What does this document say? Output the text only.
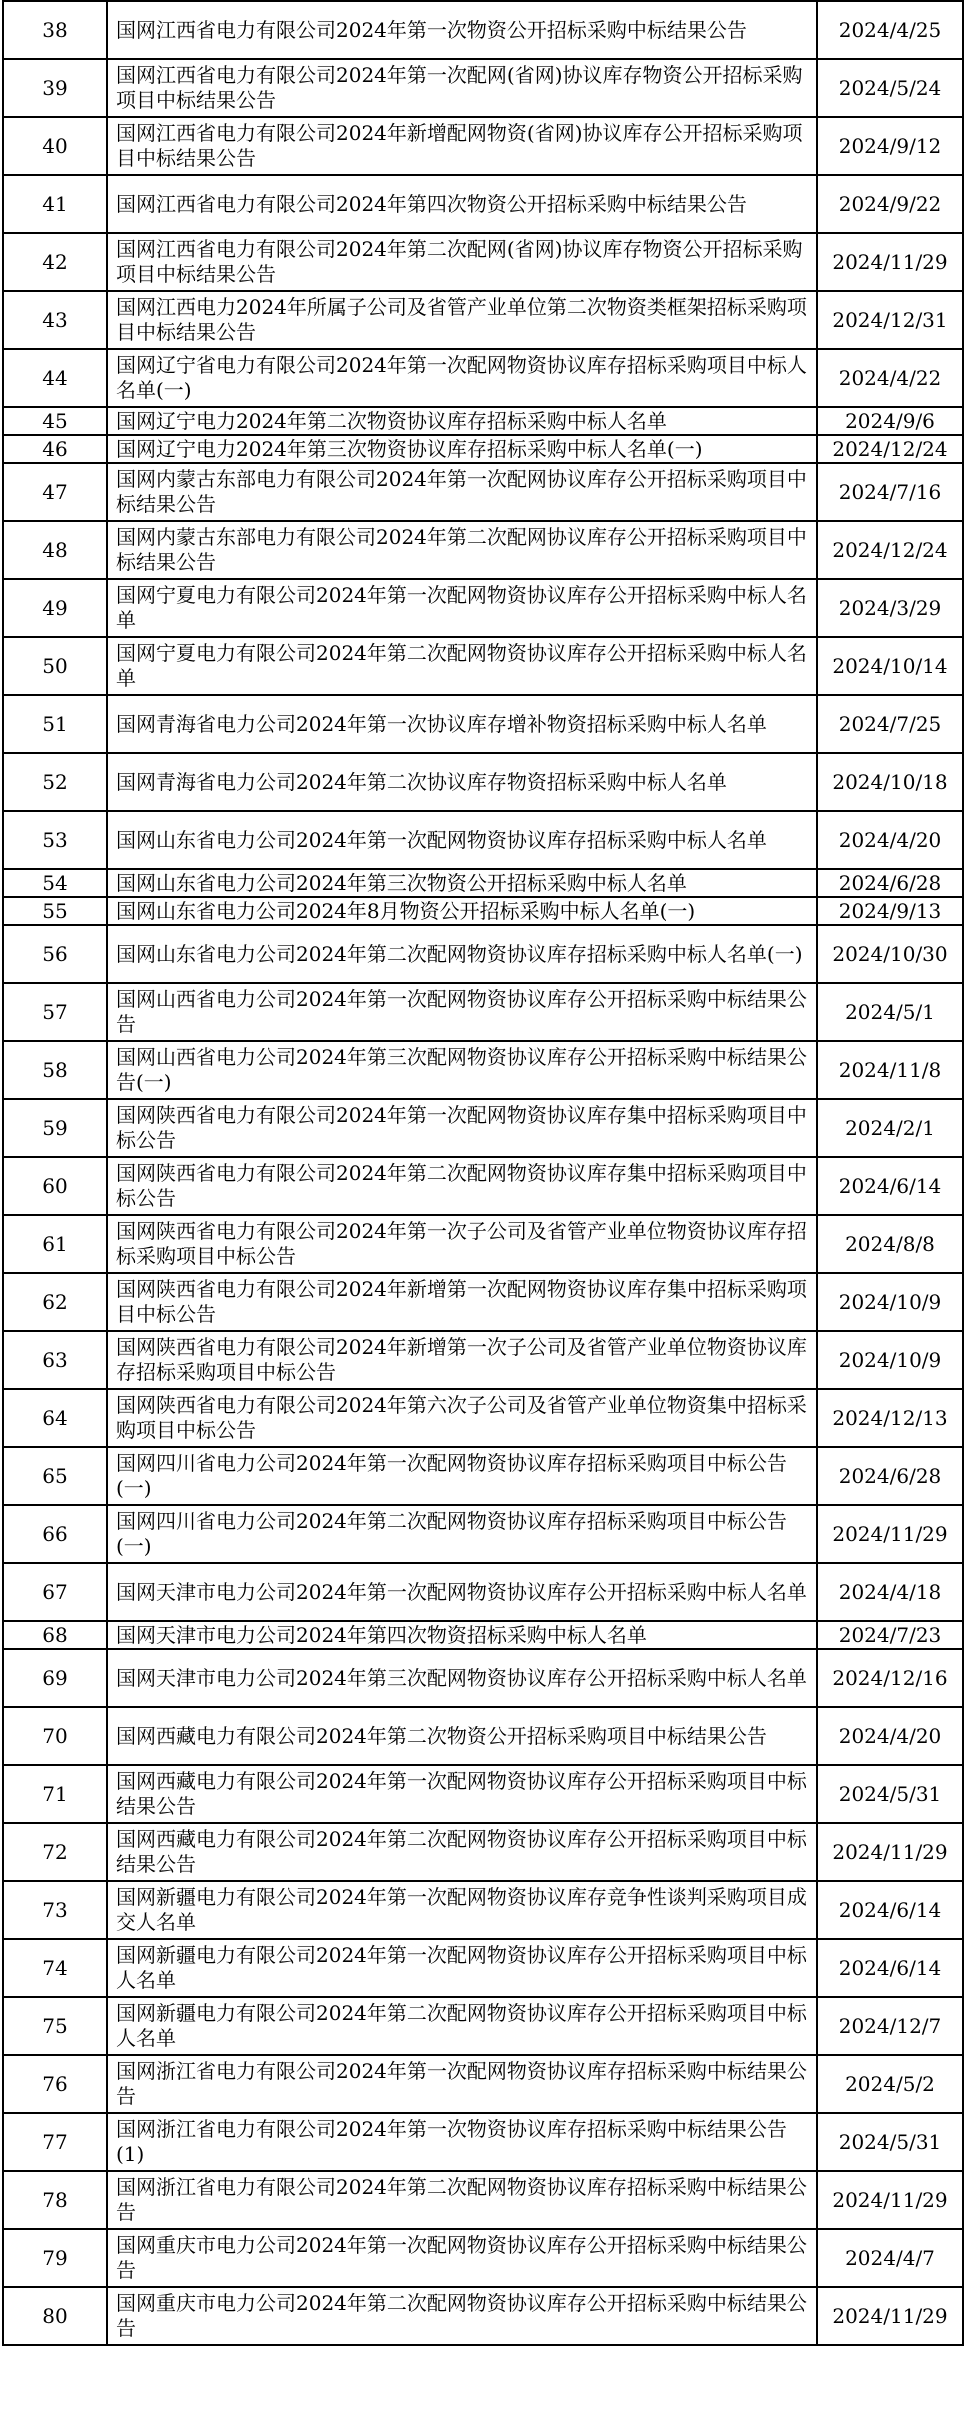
38	国网江西省电力有限公司2024年第一次物资公开招标采购中标结果公告	2024/4/25
39	国网江西省电力有限公司2024年第一次配网(省网)协议库存物资公开招标采购项目中标结果公告	2024/5/24
40	国网江西省电力有限公司2024年新增配网物资(省网)协议库存公开招标采购项目中标结果公告	2024/9/12
41	国网江西省电力有限公司2024年第四次物资公开招标采购中标结果公告	2024/9/22
42	国网江西省电力有限公司2024年第二次配网(省网)协议库存物资公开招标采购项目中标结果公告	2024/11/29
43	国网江西电力2024年所属子公司及省管产业单位第二次物资类框架招标采购项目中标结果公告	2024/12/31
44	国网辽宁省电力有限公司2024年第一次配网物资协议库存招标采购项目中标人名单(一)	2024/4/22
45	国网辽宁电力2024年第二次物资协议库存招标采购中标人名单	2024/9/6
46	国网辽宁电力2024年第三次物资协议库存招标采购中标人名单(一)	2024/12/24
47	国网内蒙古东部电力有限公司2024年第一次配网协议库存公开招标采购项目中标结果公告	2024/7/16
48	国网内蒙古东部电力有限公司2024年第二次配网协议库存公开招标采购项目中标结果公告	2024/12/24
49	国网宁夏电力有限公司2024年第一次配网物资协议库存公开招标采购中标人名单	2024/3/29
50	国网宁夏电力有限公司2024年第二次配网物资协议库存公开招标采购中标人名单	2024/10/14
51	国网青海省电力公司2024年第一次协议库存增补物资招标采购中标人名单	2024/7/25
52	国网青海省电力公司2024年第二次协议库存物资招标采购中标人名单	2024/10/18
53	国网山东省电力公司2024年第一次配网物资协议库存招标采购中标人名单	2024/4/20
54	国网山东省电力公司2024年第三次物资公开招标采购中标人名单	2024/6/28
55	国网山东省电力公司2024年8月物资公开招标采购中标人名单(一)	2024/9/13
56	国网山东省电力公司2024年第二次配网物资协议库存招标采购中标人名单(一)	2024/10/30
57	国网山西省电力公司2024年第一次配网物资协议库存公开招标采购中标结果公告	2024/5/1
58	国网山西省电力公司2024年第三次配网物资协议库存公开招标采购中标结果公告(一)	2024/11/8
59	国网陕西省电力有限公司2024年第一次配网物资协议库存集中招标采购项目中标公告	2024/2/1
60	国网陕西省电力有限公司2024年第二次配网物资协议库存集中招标采购项目中标公告	2024/6/14
61	国网陕西省电力有限公司2024年第一次子公司及省管产业单位物资协议库存招标采购项目中标公告	2024/8/8
62	国网陕西省电力有限公司2024年新增第一次配网物资协议库存集中招标采购项目中标公告	2024/10/9
63	国网陕西省电力有限公司2024年新增第一次子公司及省管产业单位物资协议库存招标采购项目中标公告	2024/10/9
64	国网陕西省电力有限公司2024年第六次子公司及省管产业单位物资集中招标采购项目中标公告	2024/12/13
65	国网四川省电力公司2024年第一次配网物资协议库存招标采购项目中标公告(一)	2024/6/28
66	国网四川省电力公司2024年第二次配网物资协议库存招标采购项目中标公告(一)	2024/11/29
67	国网天津市电力公司2024年第一次配网物资协议库存公开招标采购中标人名单	2024/4/18
68	国网天津市电力公司2024年第四次物资招标采购中标人名单	2024/7/23
69	国网天津市电力公司2024年第三次配网物资协议库存公开招标采购中标人名单	2024/12/16
70	国网西藏电力有限公司2024年第二次物资公开招标采购项目中标结果公告	2024/4/20
71	国网西藏电力有限公司2024年第一次配网物资协议库存公开招标采购项目中标结果公告	2024/5/31
72	国网西藏电力有限公司2024年第二次配网物资协议库存公开招标采购项目中标结果公告	2024/11/29
73	国网新疆电力有限公司2024年第一次配网物资协议库存竞争性谈判采购项目成交人名单	2024/6/14
74	国网新疆电力有限公司2024年第一次配网物资协议库存公开招标采购项目中标人名单	2024/6/14
75	国网新疆电力有限公司2024年第二次配网物资协议库存公开招标采购项目中标人名单	2024/12/7
76	国网浙江省电力有限公司2024年第一次配网物资协议库存招标采购中标结果公告	2024/5/2
77	国网浙江省电力有限公司2024年第一次物资协议库存招标采购中标结果公告(1)	2024/5/31
78	国网浙江省电力有限公司2024年第二次配网物资协议库存招标采购中标结果公告	2024/11/29
79	国网重庆市电力公司2024年第一次配网物资协议库存公开招标采购中标结果公告	2024/4/7
80	国网重庆市电力公司2024年第二次配网物资协议库存公开招标采购中标结果公告	2024/11/29
